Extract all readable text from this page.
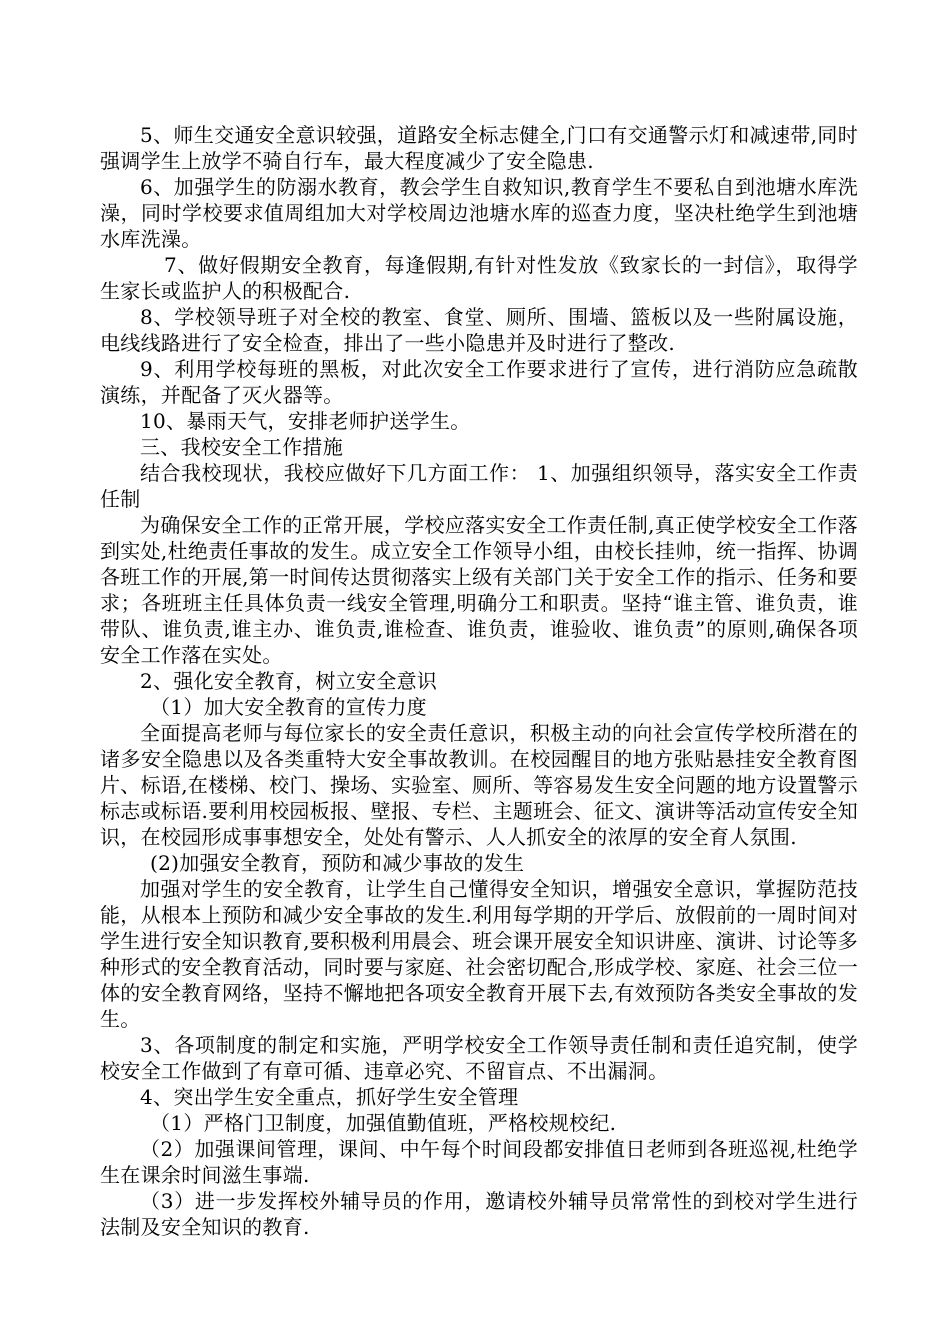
5、师生交通安全意识较强，道路安全标志健全,门口有交通警示灯和减速带,同时强调学生上放学不骑自行车，最大程度减少了安全隐患.

6、加强学生的防溺水教育，教会学生自救知识,教育学生不要私自到池塘水库洗澡，同时学校要求值周组加大对学校周边池塘水库的巡查力度，坚决杜绝学生到池塘水库洗澡。

7、做好假期安全教育，每逢假期,有针对性发放《致家长的一封信》，取得学生家长或监护人的积极配合.

8、学校领导班子对全校的教室、食堂、厕所、围墙、篮板以及一些附属设施，电线线路进行了安全检查，排出了一些小隐患并及时进行了整改.

9、利用学校每班的黑板，对此次安全工作要求进行了宣传，进行消防应急疏散演练，并配备了灭火器等。

10、暴雨天气，安排老师护送学生。

三、我校安全工作措施

结合我校现状，我校应做好下几方面工作： 1、加强组织领导，落实安全工作责任制

为确保安全工作的正常开展，学校应落实安全工作责任制,真正使学校安全工作落到实处,杜绝责任事故的发生。成立安全工作领导小组，由校长挂帅，统一指挥、协调各班工作的开展,第一时间传达贯彻落实上级有关部门关于安全工作的指示、任务和要求；各班班主任具体负责一线安全管理,明确分工和职责。坚持“谁主管、谁负责，谁带队、谁负责,谁主办、谁负责,谁检查、谁负责，谁验收、谁负责”的原则,确保各项安全工作落在实处。

2、强化安全教育，树立安全意识

（1）加大安全教育的宣传力度

全面提高老师与每位家长的安全责任意识，积极主动的向社会宣传学校所潜在的诸多安全隐患以及各类重特大安全事故教训。在校园醒目的地方张贴悬挂安全教育图片、标语,在楼梯、校门、操场、实验室、厕所、等容易发生安全问题的地方设置警示标志或标语.要利用校园板报、壁报、专栏、主题班会、征文、演讲等活动宣传安全知识，在校园形成事事想安全，处处有警示、人人抓安全的浓厚的安全育人氛围.

(2)加强安全教育，预防和减少事故的发生

加强对学生的安全教育，让学生自己懂得安全知识，增强安全意识，掌握防范技能，从根本上预防和减少安全事故的发生.利用每学期的开学后、放假前的一周时间对学生进行安全知识教育,要积极利用晨会、班会课开展安全知识讲座、演讲、讨论等多种形式的安全教育活动，同时要与家庭、社会密切配合,形成学校、家庭、社会三位一体的安全教育网络，坚持不懈地把各项安全教育开展下去,有效预防各类安全事故的发生。

3、各项制度的制定和实施，严明学校安全工作领导责任制和责任追究制，使学校安全工作做到了有章可循、违章必究、不留盲点、不出漏洞。

4、突出学生安全重点，抓好学生安全管理

（1）严格门卫制度，加强值勤值班，严格校规校纪.

（2）加强课间管理，课间、中午每个时间段都安排值日老师到各班巡视,杜绝学生在课余时间滋生事端.

（3）进一步发挥校外辅导员的作用，邀请校外辅导员常常性的到校对学生进行法制及安全知识的教育.
